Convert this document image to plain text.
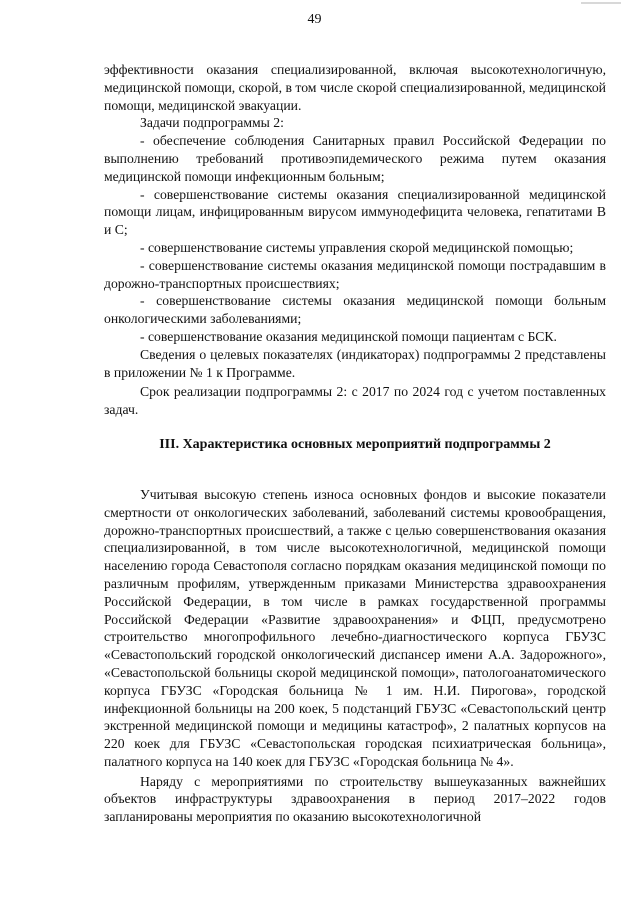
49

эффективности оказания специализированной, включая высокотехнологичную, медицинской помощи, скорой, в том числе скорой специализированной, медицинской помощи, медицинской эвакуации.

Задачи подпрограммы 2:

- обеспечение соблюдения Санитарных правил Российской Федерации по выполнению требований противоэпидемического режима путем оказания медицинской помощи инфекционным больным;

- совершенствование системы оказания специализированной медицинской помощи лицам, инфицированным вирусом иммунодефицита человека, гепатитами В и С;

- совершенствование системы управления скорой медицинской помощью;

- совершенствование системы оказания медицинской помощи пострадавшим в дорожно-транспортных происшествиях;

- совершенствование системы оказания медицинской помощи больным онкологическими заболеваниями;

- совершенствование оказания медицинской помощи пациентам с БСК.

Сведения о целевых показателях (индикаторах) подпрограммы 2 представлены в приложении № 1 к Программе.

Срок реализации подпрограммы 2: с 2017 по 2024 год с учетом поставленных задач.

III. Характеристика основных мероприятий подпрограммы 2

Учитывая высокую степень износа основных фондов и высокие показатели смертности от онкологических заболеваний, заболеваний системы кровообращения, дорожно-транспортных происшествий, а также с целью совершенствования оказания специализированной, в том числе высокотехнологичной, медицинской помощи населению города Севастополя согласно порядкам оказания медицинской помощи по различным профилям, утвержденным приказами Министерства здравоохранения Российской Федерации, в том числе в рамках государственной программы Российской Федерации «Развитие здравоохранения» и ФЦП, предусмотрено строительство многопрофильного лечебно-диагностического корпуса ГБУЗС «Севастопольский городской онкологический диспансер имени А.А. Задорожного», «Севастопольской больницы скорой медицинской помощи», патологоанатомического корпуса ГБУЗС «Городская больница № 1 им. Н.И. Пирогова», городской инфекционной больницы на 200 коек, 5 подстанций ГБУЗС «Севастопольский центр экстренной медицинской помощи и медицины катастроф», 2 палатных корпусов на 220 коек для ГБУЗС «Севастопольская городская психиатрическая больница», палатного корпуса на 140 коек для ГБУЗС «Городская больница № 4».

Наряду с мероприятиями по строительству вышеуказанных важнейших объектов инфраструктуры здравоохранения в период 2017–2022 годов запланированы мероприятия по оказанию высокотехнологичной
